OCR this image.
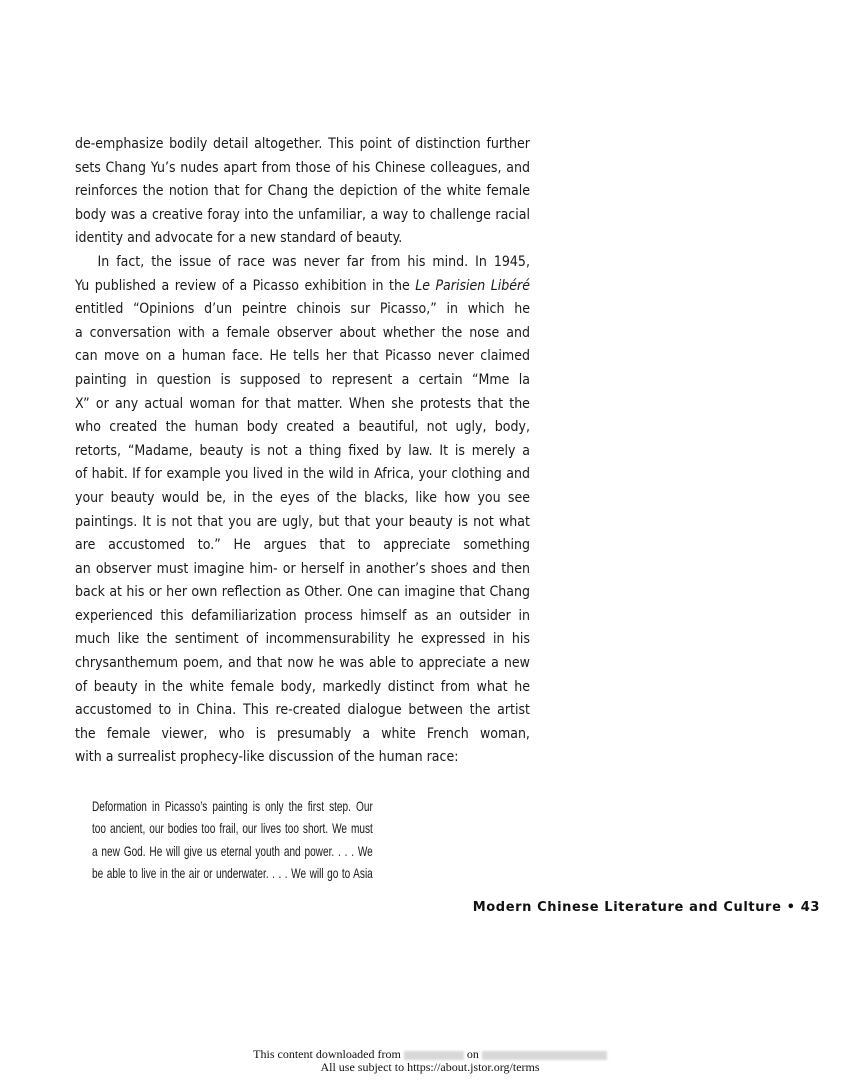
de-emphasize bodily detail altogether. This point of distinction further
sets Chang Yu’s nudes apart from those of his Chinese colleagues, and
reinforces the notion that for Chang the depiction of the white female
body was a creative foray into the unfamiliar, a way to challenge racial
identity and advocate for a new standard of beauty.
In fact, the issue of race was never far from his mind. In 1945,
Yu published a review of a Picasso exhibition in the Le Parisien Libéré
entitled “Opinions d’un peintre chinois sur Picasso,” in which he
a conversation with a female observer about whether the nose and
can move on a human face. He tells her that Picasso never claimed
painting in question is supposed to represent a certain “Mme la
X” or any actual woman for that matter. When she protests that the
who created the human body created a beautiful, not ugly, body,
retorts, “Madame, beauty is not a thing fixed by law. It is merely a
of habit. If for example you lived in the wild in Africa, your clothing and
your beauty would be, in the eyes of the blacks, like how you see
paintings. It is not that you are ugly, but that your beauty is not what
are accustomed to.” He argues that to appreciate something
an observer must imagine him- or herself in another’s shoes and then
back at his or her own reflection as Other. One can imagine that Chang
experienced this defamiliarization process himself as an outsider in
much like the sentiment of incommensurability he expressed in his
chrysanthemum poem, and that now he was able to appreciate a new
of beauty in the white female body, markedly distinct from what he
accustomed to in China. This re-created dialogue between the artist
the female viewer, who is presumably a white French woman,
with a surrealist prophecy-like discussion of the human race:
Deformation in Picasso’s painting is only the first step. Our
too ancient, our bodies too frail, our lives too short. We must
a new God. He will give us eternal youth and power. . . . We
be able to live in the air or underwater. . . . We will go to Asia
Modern Chinese Literature and Culture • 43
This content downloaded from	on
All use subject to https://about.jstor.org/terms
